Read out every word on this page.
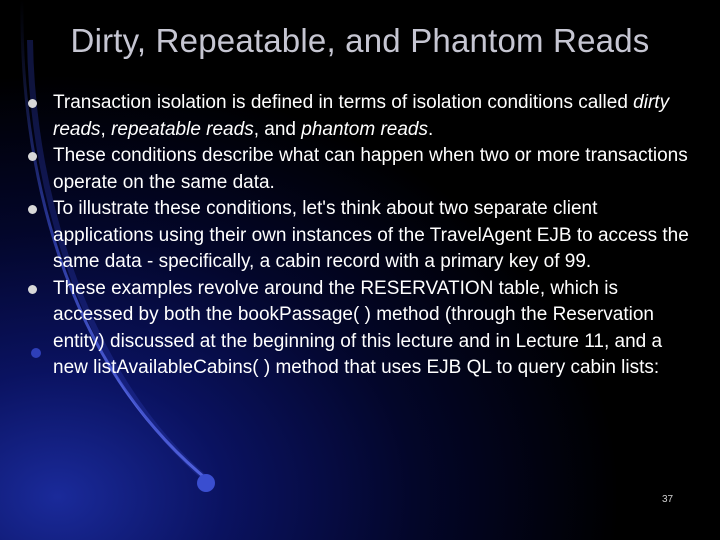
Dirty, Repeatable, and Phantom Reads
Transaction isolation is defined in terms of isolation conditions called dirty reads, repeatable reads, and phantom reads.
These conditions describe what can happen when two or more transactions operate on the same data.
To illustrate these conditions, let's think about two separate client applications using their own instances of the TravelAgent EJB to access the same data - specifically, a cabin record with a primary key of 99.
These examples revolve around the RESERVATION table, which is accessed by both the bookPassage( ) method (through the Reservation entity) discussed at the beginning of this lecture and in Lecture 11, and a new listAvailableCabins( ) method that uses EJB QL to query cabin lists:
37
